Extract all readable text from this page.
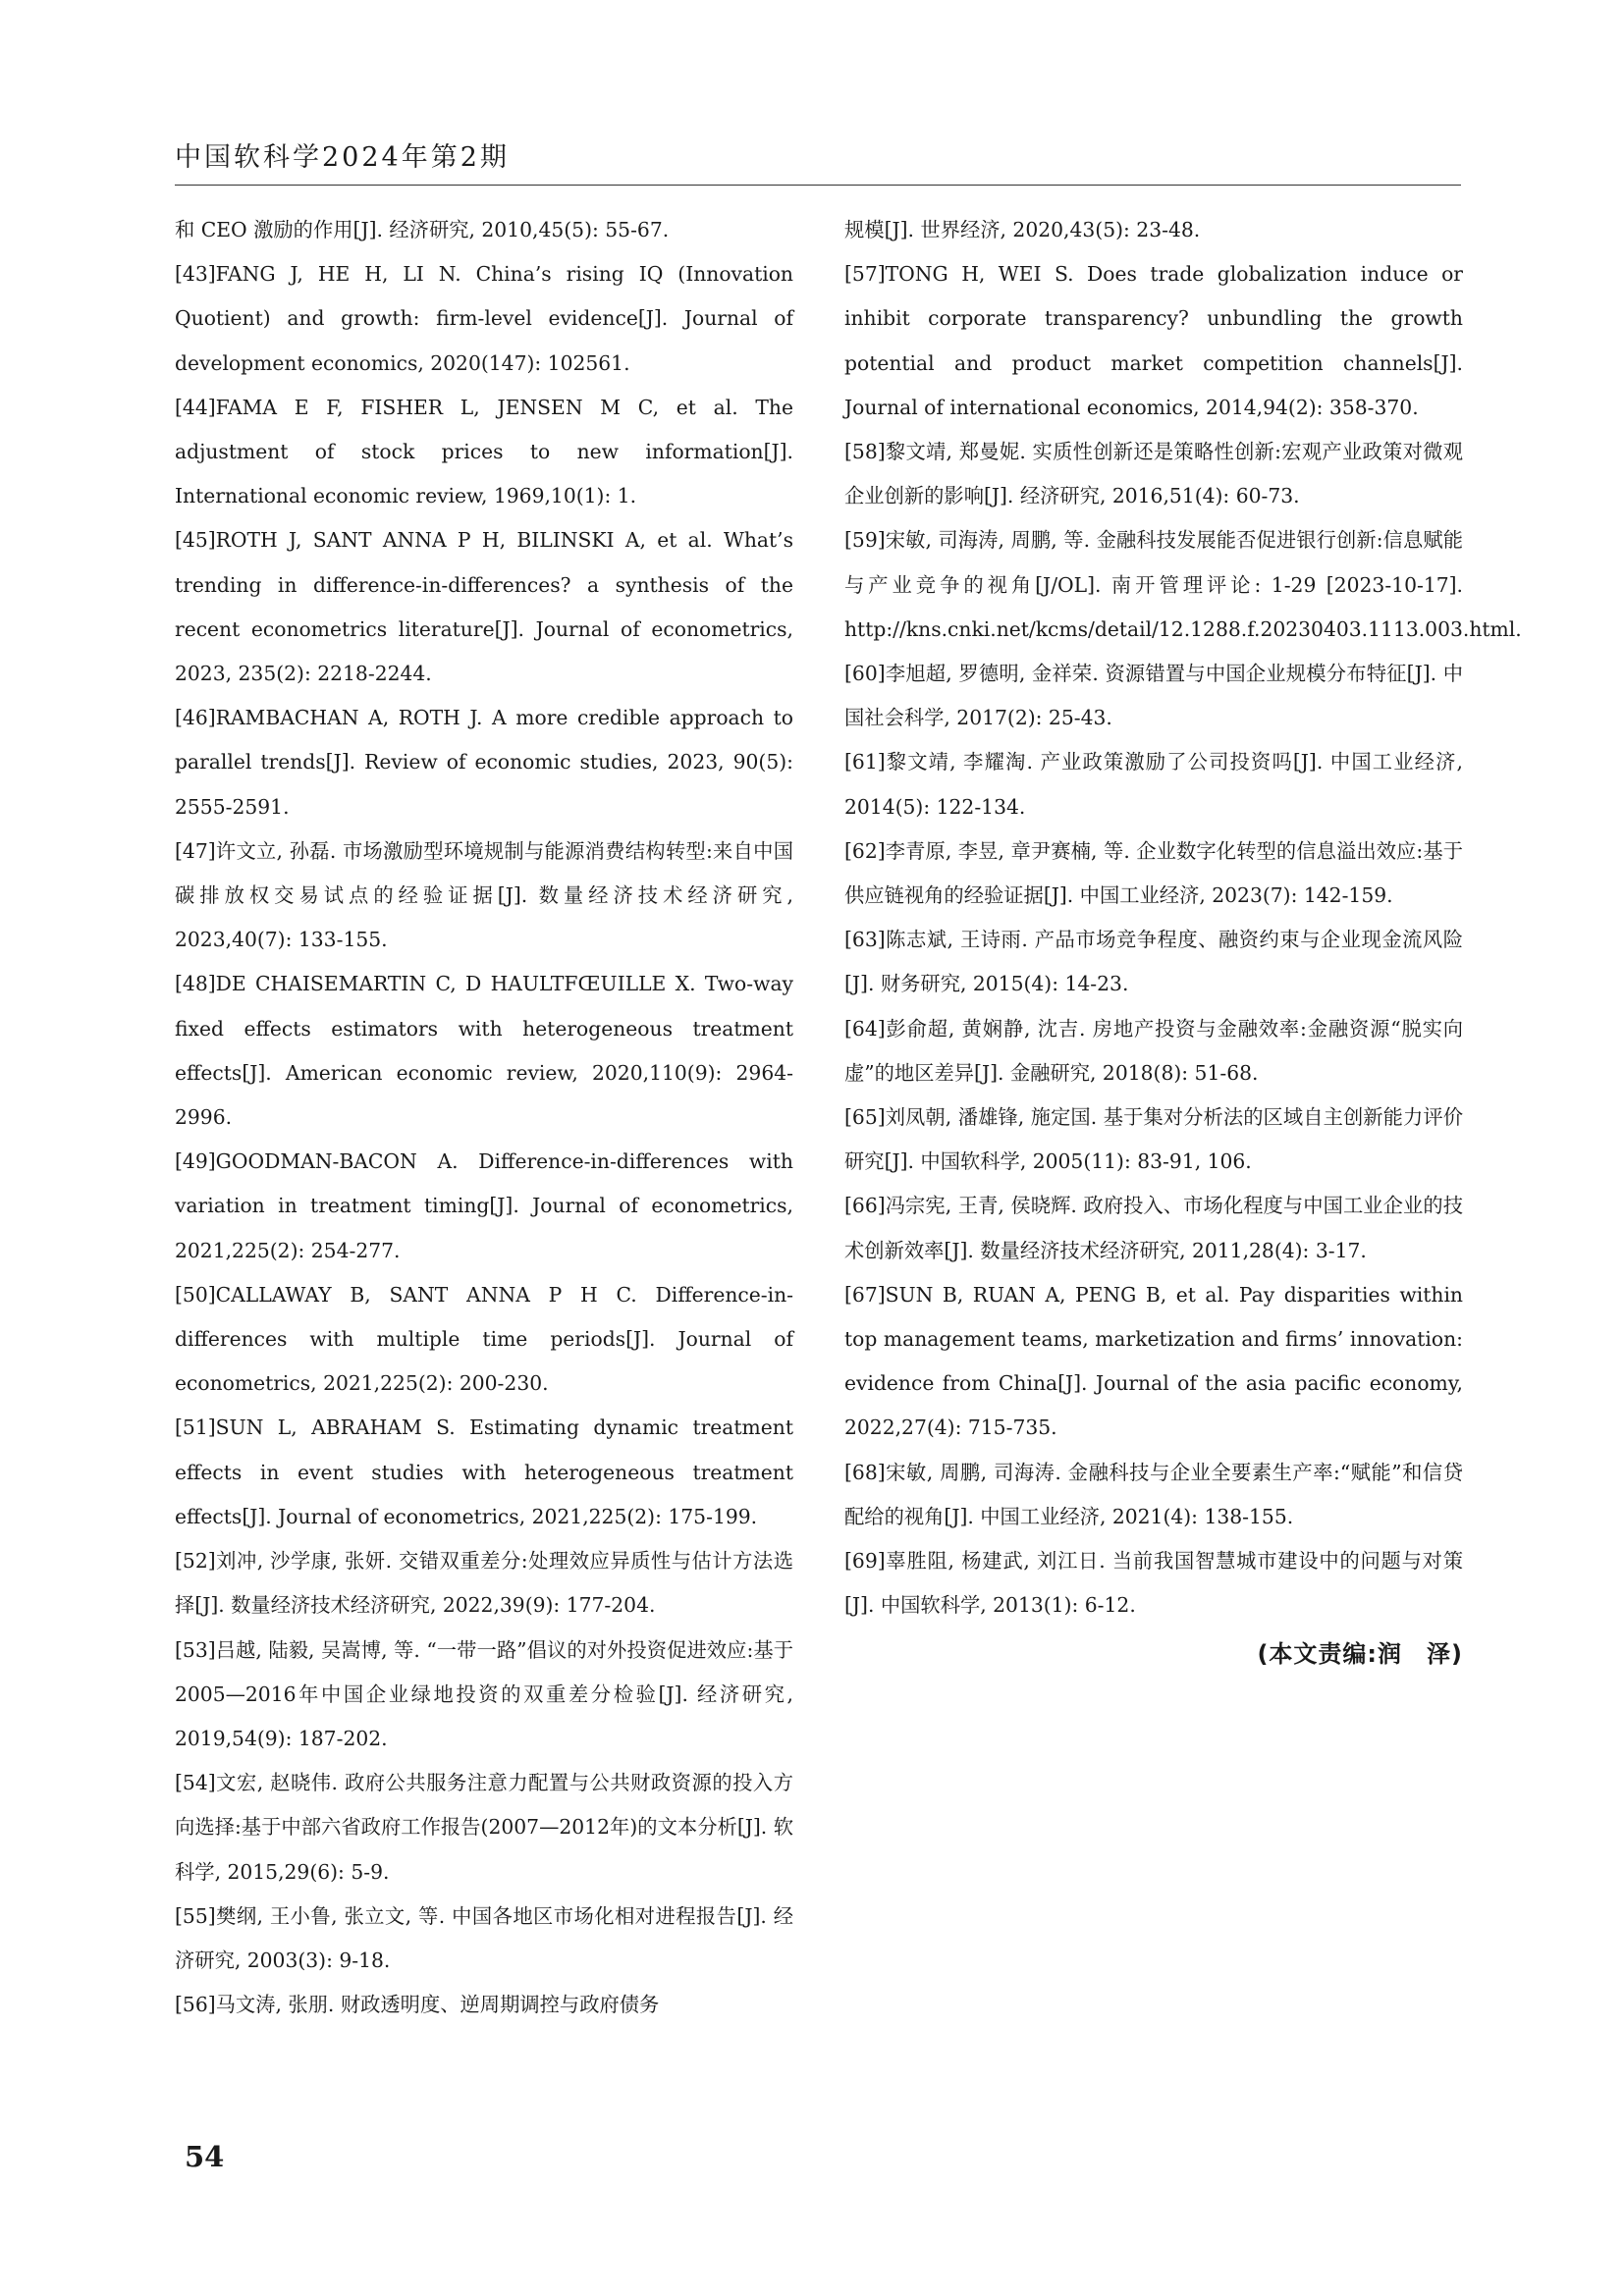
中国软科学2024年第2期

和 CEO 激励的作用[J]. 经济研究, 2010,45(5): 55-67.

[43]FANG J, HE H, LI N. China’s rising IQ (Innovation Quotient) and growth: firm-level evidence[J]. Journal of development economics, 2020(147): 102561.

[44]FAMA E F, FISHER L, JENSEN M C, et al. The adjustment of stock prices to new information[J]. International economic review, 1969,10(1): 1.

[45]ROTH J, SANT ANNA P H, BILINSKI A, et al. What’s trending in difference-in-differences? a synthesis of the recent econometrics literature[J]. Journal of econometrics, 2023, 235(2): 2218-2244.

[46]RAMBACHAN A, ROTH J. A more credible approach to parallel trends[J]. Review of economic studies, 2023, 90(5): 2555-2591.

[47]许文立, 孙磊. 市场激励型环境规制与能源消费结构转型:来自中国碳排放权交易试点的经验证据[J]. 数量经济技术经济研究, 2023,40(7): 133-155.

[48]DE CHAISEMARTIN C, D HAULTFŒUILLE X. Two-way fixed effects estimators with heterogeneous treatment effects[J]. American economic review, 2020,110(9): 2964-2996.

[49]GOODMAN-BACON A. Difference-in-differences with variation in treatment timing[J]. Journal of econometrics, 2021,225(2): 254-277.

[50]CALLAWAY B, SANT ANNA P H C. Difference-in-differences with multiple time periods[J]. Journal of econometrics, 2021,225(2): 200-230.

[51]SUN L, ABRAHAM S. Estimating dynamic treatment effects in event studies with heterogeneous treatment effects[J]. Journal of econometrics, 2021,225(2): 175-199.

[52]刘冲, 沙学康, 张妍. 交错双重差分:处理效应异质性与估计方法选择[J]. 数量经济技术经济研究, 2022,39(9): 177-204.

[53]吕越, 陆毅, 吴嵩博, 等. “一带一路”倡议的对外投资促进效应:基于2005—2016年中国企业绿地投资的双重差分检验[J]. 经济研究, 2019,54(9): 187-202.

[54]文宏, 赵晓伟. 政府公共服务注意力配置与公共财政资源的投入方向选择:基于中部六省政府工作报告(2007—2012年)的文本分析[J]. 软科学, 2015,29(6): 5-9.

[55]樊纲, 王小鲁, 张立文, 等. 中国各地区市场化相对进程报告[J]. 经济研究, 2003(3): 9-18.

[56]马文涛, 张朋. 财政透明度、逆周期调控与政府债务

规模[J]. 世界经济, 2020,43(5): 23-48.

[57]TONG H, WEI S. Does trade globalization induce or inhibit corporate transparency? unbundling the growth potential and product market competition channels[J]. Journal of international economics, 2014,94(2): 358-370.

[58]黎文靖, 郑曼妮. 实质性创新还是策略性创新:宏观产业政策对微观企业创新的影响[J]. 经济研究, 2016,51(4): 60-73.

[59]宋敏, 司海涛, 周鹏, 等. 金融科技发展能否促进银行创新:信息赋能与产业竞争的视角[J/OL]. 南开管理评论: 1-29 [2023-10-17]. http://kns.cnki.net/kcms/detail/12.1288.f.20230403.1113.003.html.

[60]李旭超, 罗德明, 金祥荣. 资源错置与中国企业规模分布特征[J]. 中国社会科学, 2017(2): 25-43.

[61]黎文靖, 李耀淘. 产业政策激励了公司投资吗[J]. 中国工业经济, 2014(5): 122-134.

[62]李青原, 李昱, 章尹赛楠, 等. 企业数字化转型的信息溢出效应:基于供应链视角的经验证据[J]. 中国工业经济, 2023(7): 142-159.

[63]陈志斌, 王诗雨. 产品市场竞争程度、融资约束与企业现金流风险[J]. 财务研究, 2015(4): 14-23.

[64]彭俞超, 黄娴静, 沈吉. 房地产投资与金融效率:金融资源“脱实向虚”的地区差异[J]. 金融研究, 2018(8): 51-68.

[65]刘凤朝, 潘雄锋, 施定国. 基于集对分析法的区域自主创新能力评价研究[J]. 中国软科学, 2005(11): 83-91, 106.

[66]冯宗宪, 王青, 侯晓辉. 政府投入、市场化程度与中国工业企业的技术创新效率[J]. 数量经济技术经济研究, 2011,28(4): 3-17.

[67]SUN B, RUAN A, PENG B, et al. Pay disparities within top management teams, marketization and firms’ innovation: evidence from China[J]. Journal of the asia pacific economy, 2022,27(4): 715-735.

[68]宋敏, 周鹏, 司海涛. 金融科技与企业全要素生产率:“赋能”和信贷配给的视角[J]. 中国工业经济, 2021(4): 138-155.

[69]辜胜阻, 杨建武, 刘江日. 当前我国智慧城市建设中的问题与对策[J]. 中国软科学, 2013(1): 6-12.

(本文责编:润　泽)
54
